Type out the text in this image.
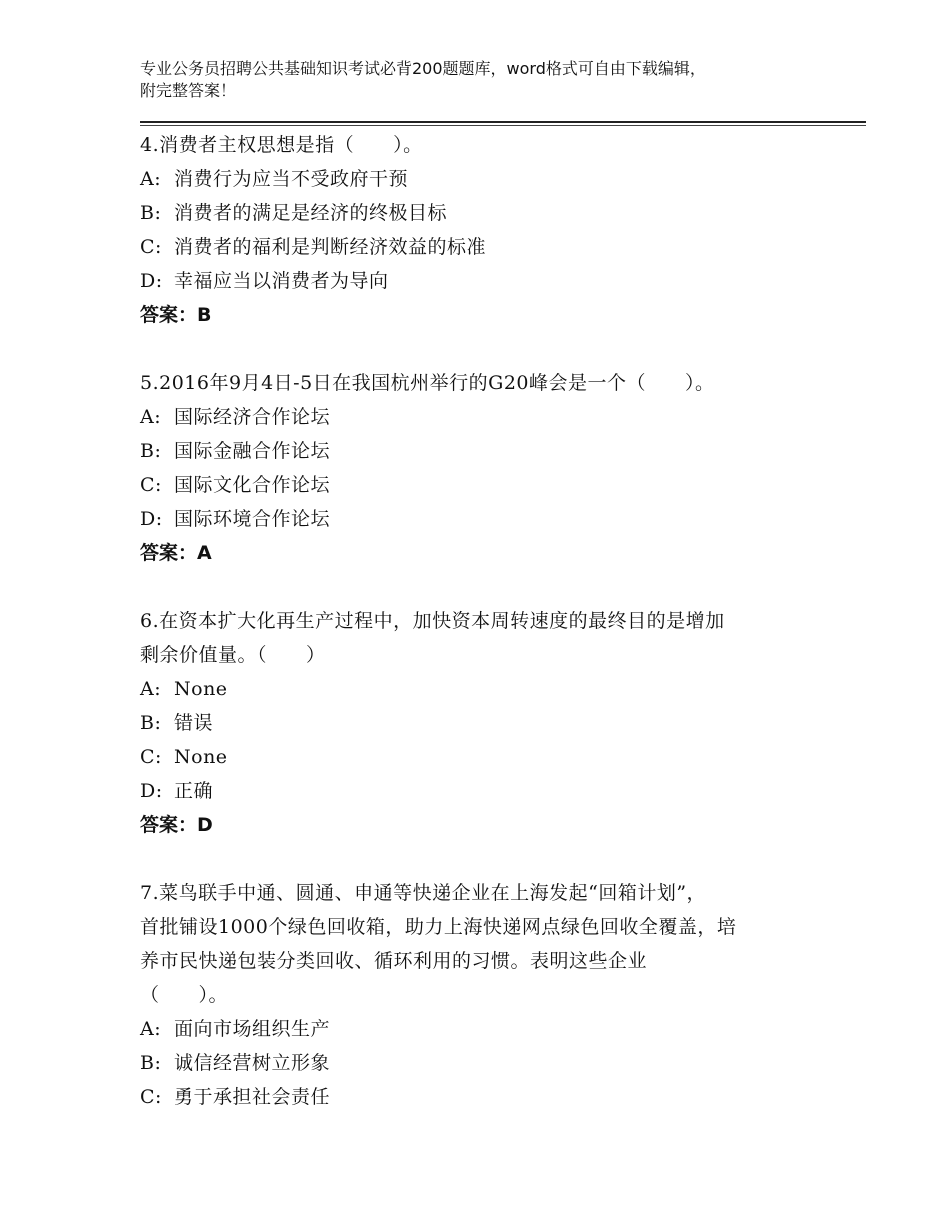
专业公务员招聘公共基础知识考试必背200题题库，word格式可自由下载编辑，
附完整答案！
4.消费者主权思想是指（　　）。
A: 消费行为应当不受政府干预
B: 消费者的满足是经济的终极目标
C: 消费者的福利是判断经济效益的标准
D: 幸福应当以消费者为导向
答案：B
5.2016年9月4日-5日在我国杭州举行的G20峰会是一个（　　）。
A: 国际经济合作论坛
B: 国际金融合作论坛
C: 国际文化合作论坛
D: 国际环境合作论坛
答案：A
6.在资本扩大化再生产过程中，加快资本周转速度的最终目的是增加
剩余价值量。（　　）
A: None
B: 错误
C: None
D: 正确
答案：D
7.菜鸟联手中通、圆通、申通等快递企业在上海发起“回箱计划”，
首批铺设1000个绿色回收箱，助力上海快递网点绿色回收全覆盖，培
养市民快递包装分类回收、循环利用的习惯。表明这些企业
（　　）。
A: 面向市场组织生产
B: 诚信经营树立形象
C: 勇于承担社会责任
